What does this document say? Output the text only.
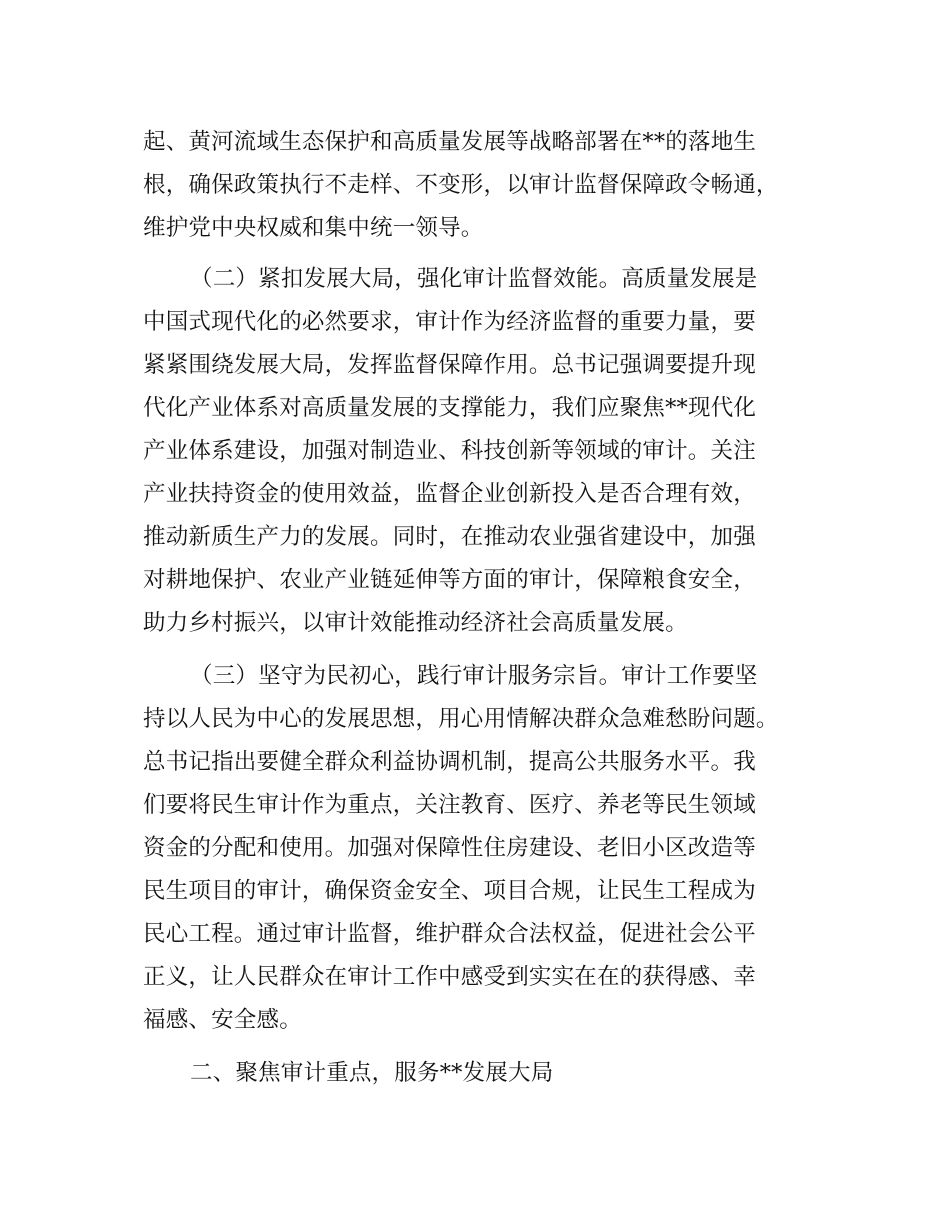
起、黄河流域生态保护和高质量发展等战略部署在**的落地生

根，确保政策执行不走样、不变形，以审计监督保障政令畅通，

维护党中央权威和集中统一领导。

（二）紧扣发展大局，强化审计监督效能。高质量发展是

中国式现代化的必然要求，审计作为经济监督的重要力量，要

紧紧围绕发展大局，发挥监督保障作用。总书记强调要提升现

代化产业体系对高质量发展的支撑能力，我们应聚焦**现代化

产业体系建设，加强对制造业、科技创新等领域的审计。关注

产业扶持资金的使用效益，监督企业创新投入是否合理有效，

推动新质生产力的发展。同时，在推动农业强省建设中，加强

对耕地保护、农业产业链延伸等方面的审计，保障粮食安全，

助力乡村振兴，以审计效能推动经济社会高质量发展。

（三）坚守为民初心，践行审计服务宗旨。审计工作要坚

持以人民为中心的发展思想，用心用情解决群众急难愁盼问题。

总书记指出要健全群众利益协调机制，提高公共服务水平。我

们要将民生审计作为重点，关注教育、医疗、养老等民生领域

资金的分配和使用。加强对保障性住房建设、老旧小区改造等

民生项目的审计，确保资金安全、项目合规，让民生工程成为

民心工程。通过审计监督，维护群众合法权益，促进社会公平

正义，让人民群众在审计工作中感受到实实在在的获得感、幸

福感、安全感。

二、聚焦审计重点，服务**发展大局
